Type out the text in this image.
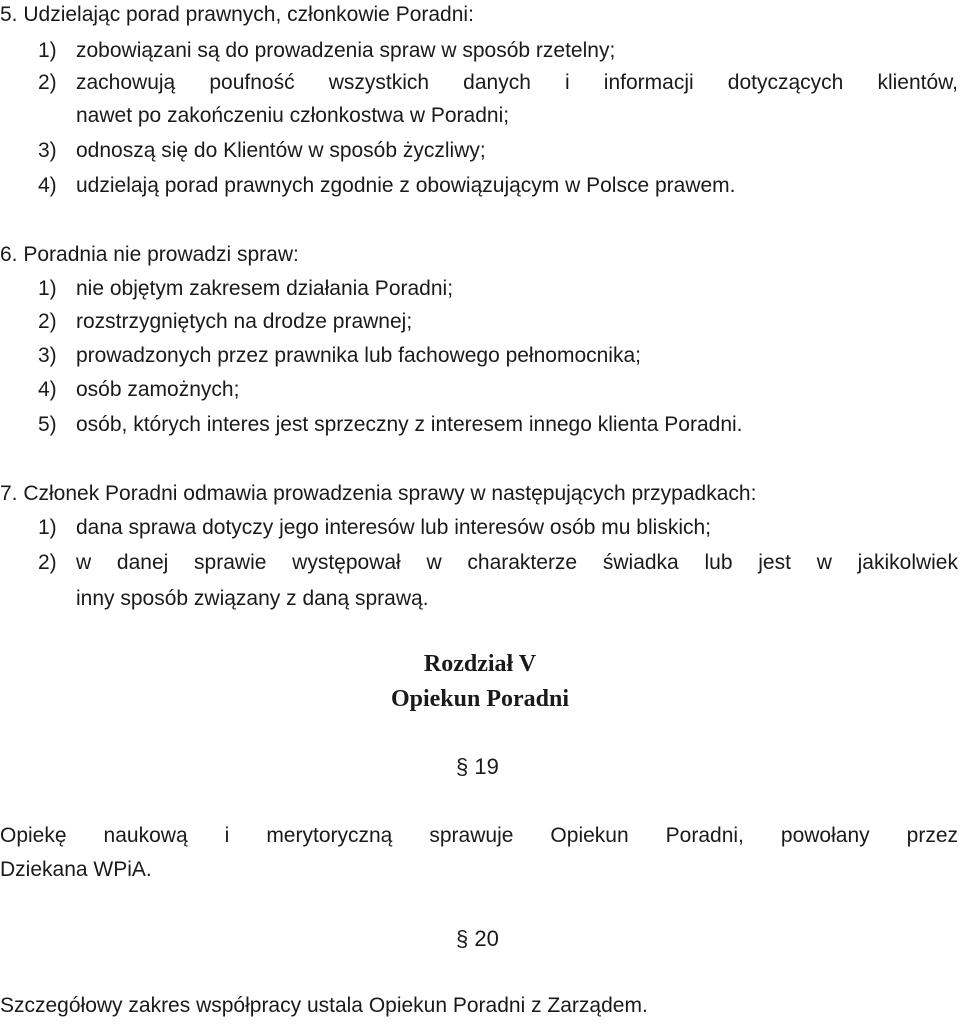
5. Udzielając porad prawnych, członkowie Poradni:
1) zobowiązani są do prowadzenia spraw w sposób rzetelny;
2) zachowują poufność wszystkich danych i informacji dotyczących klientów,
nawet po zakończeniu członkostwa w Poradni;
3) odnoszą się do Klientów w sposób życzliwy;
4) udzielają porad prawnych zgodnie z obowiązującym w Polsce prawem.
6. Poradnia nie prowadzi spraw:
1) nie objętym zakresem działania Poradni;
2) rozstrzygniętych na drodze prawnej;
3) prowadzonych przez prawnika lub fachowego pełnomocnika;
4) osób zamożnych;
5) osób, których interes jest sprzeczny z interesem innego klienta Poradni.
7. Członek Poradni odmawia prowadzenia sprawy w następujących przypadkach:
1) dana sprawa dotyczy jego interesów lub interesów osób mu bliskich;
2) w danej sprawie występował w charakterze świadka lub jest w jakikolwiek
inny sposób związany z daną sprawą.
Rozdział V
Opiekun Poradni
§ 19
Opiekę naukową i merytoryczną sprawuje Opiekun Poradni, powołany przez
Dziekana WPiA.
§ 20
Szczegółowy zakres współpracy ustala Opiekun Poradni z Zarządem.
